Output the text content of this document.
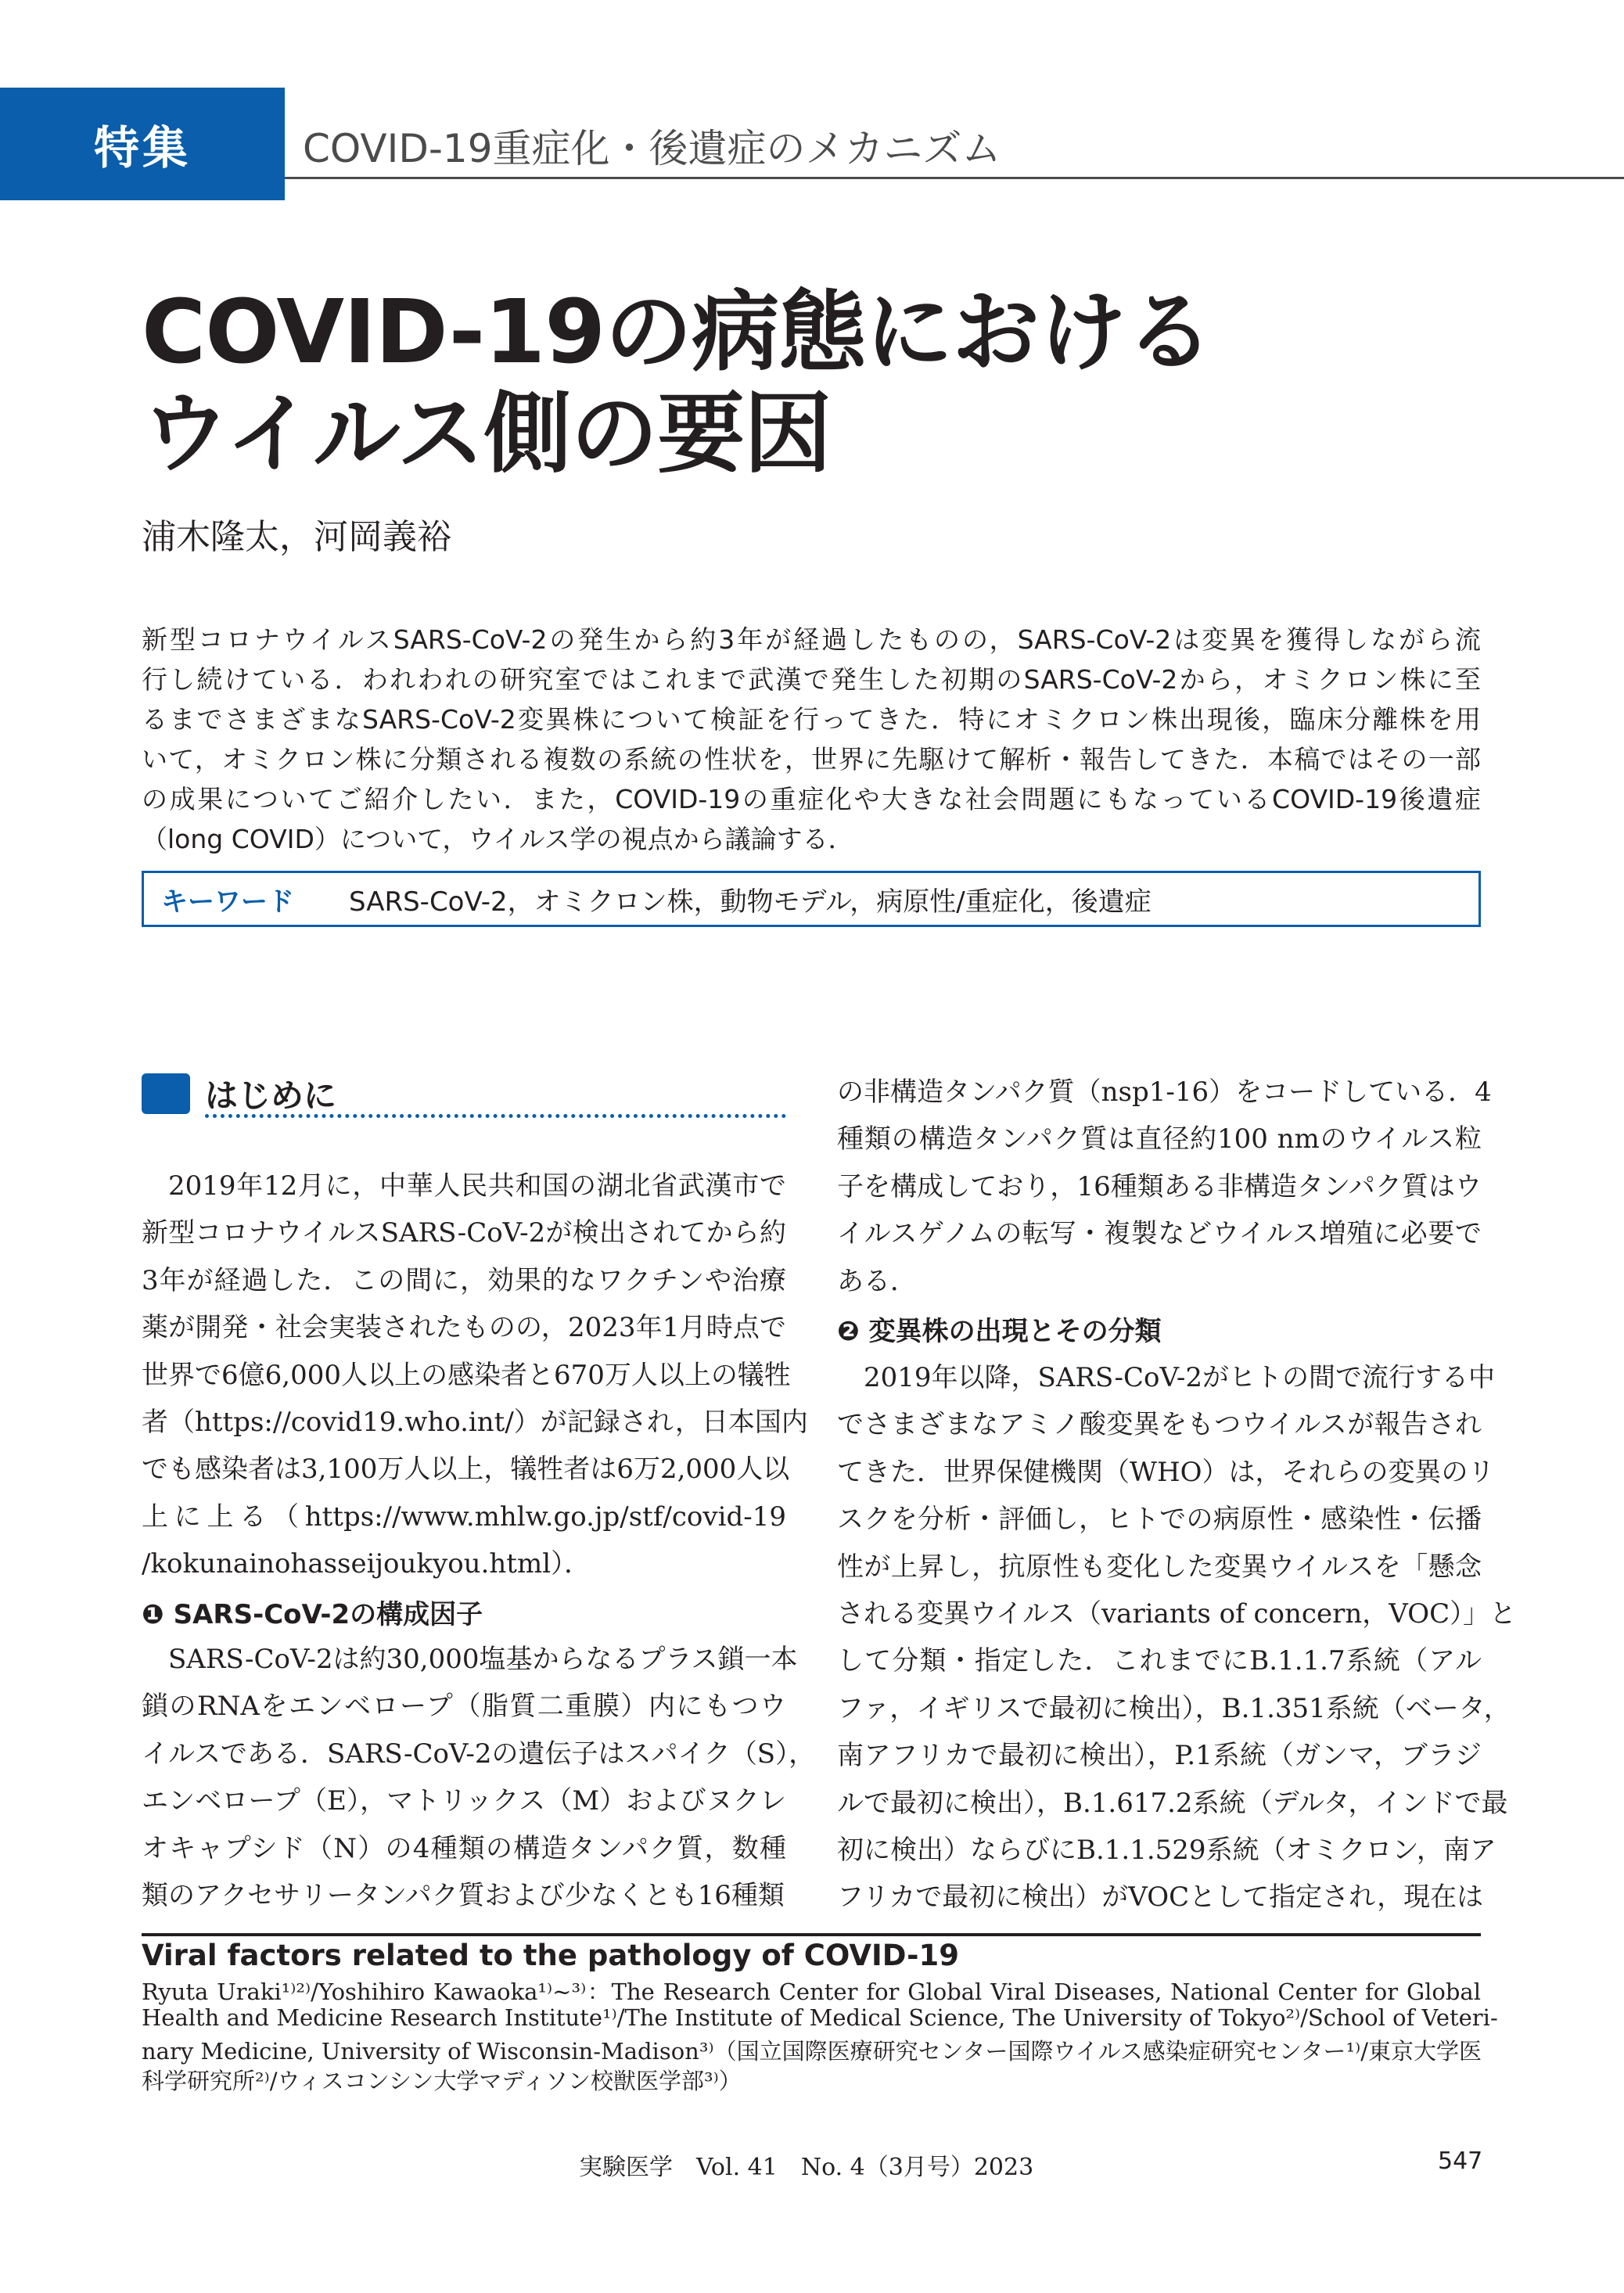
特集	COVID-19重症化・後遺症のメカニズム
COVID-19の病態における
ウイルス側の要因
浦木隆太，河岡義裕
新型コロナウイルスSARS-CoV-2の発生から約3年が経過したものの，SARS-CoV-2は変異を獲得しながら流
行し続けている．われわれの研究室ではこれまで武漢で発生した初期のSARS-CoV-2から，オミクロン株に至
るまでさまざまなSARS-CoV-2変異株について検証を行ってきた．特にオミクロン株出現後，臨床分離株を用
いて，オミクロン株に分類される複数の系統の性状を，世界に先駆けて解析・報告してきた．本稿ではその一部
の成果についてご紹介したい．また，COVID-19の重症化や大きな社会問題にもなっているCOVID-19後遺症
（long COVID）について，ウイルス学の視点から議論する．
キーワード	SARS-CoV-2，オミクロン株，動物モデル，病原性/重症化，後遺症
はじめに
2019年12月に，中華人民共和国の湖北省武漢市で
新型コロナウイルスSARS-CoV-2が検出されてから約
3年が経過した．この間に，効果的なワクチンや治療
薬が開発・社会実装されたものの，2023年1月時点で
世界で6億6,000人以上の感染者と670万人以上の犠牲
者（https://covid19.who.int/）が記録され，日本国内
でも感染者は3,100万人以上，犠牲者は6万2,000人以
上に上る（https://www.mhlw.go.jp/stf/covid-19
/kokunainohasseijoukyou.html）．
❶ SARS-CoV-2の構成因子
SARS-CoV-2は約30,000塩基からなるプラス鎖一本
鎖のRNAをエンベロープ（脂質二重膜）内にもつウ
イルスである．SARS-CoV-2の遺伝子はスパイク（S），
エンベロープ（E），マトリックス（M）およびヌクレ
オキャプシド（N）の4種類の構造タンパク質，数種
類のアクセサリータンパク質および少なくとも16種類
の非構造タンパク質（nsp1-16）をコードしている．4
種類の構造タンパク質は直径約100 nmのウイルス粒
子を構成しており，16種類ある非構造タンパク質はウ
イルスゲノムの転写・複製などウイルス増殖に必要で
ある．
❷ 変異株の出現とその分類
2019年以降，SARS-CoV-2がヒトの間で流行する中
でさまざまなアミノ酸変異をもつウイルスが報告され
てきた．世界保健機関（WHO）は，それらの変異のリ
スクを分析・評価し，ヒトでの病原性・感染性・伝播
性が上昇し，抗原性も変化した変異ウイルスを「懸念
される変異ウイルス（variants of concern，VOC）」と
して分類・指定した．これまでにB.1.1.7系統（アル
ファ，イギリスで最初に検出），B.1.351系統（ベータ，
南アフリカで最初に検出），P.1系統（ガンマ，ブラジ
ルで最初に検出），B.1.617.2系統（デルタ，インドで最
初に検出）ならびにB.1.1.529系統（オミクロン，南ア
フリカで最初に検出）がVOCとして指定され，現在は
Viral factors related to the pathology of COVID-19
Ryuta Uraki¹⁾²⁾/Yoshihiro Kawaoka¹⁾~³⁾：The Research Center for Global Viral Diseases, National Center for Global
Health and Medicine Research Institute¹⁾/The Institute of Medical Science, The University of Tokyo²⁾/School of Veteri-
nary Medicine, University of Wisconsin-Madison³⁾（国立国際医療研究センター国際ウイルス感染症研究センター¹⁾/東京大学医
科学研究所²⁾/ウィスコンシン大学マディソン校獣医学部³⁾）
実験医学　Vol. 41　No. 4（3月号）2023	547
